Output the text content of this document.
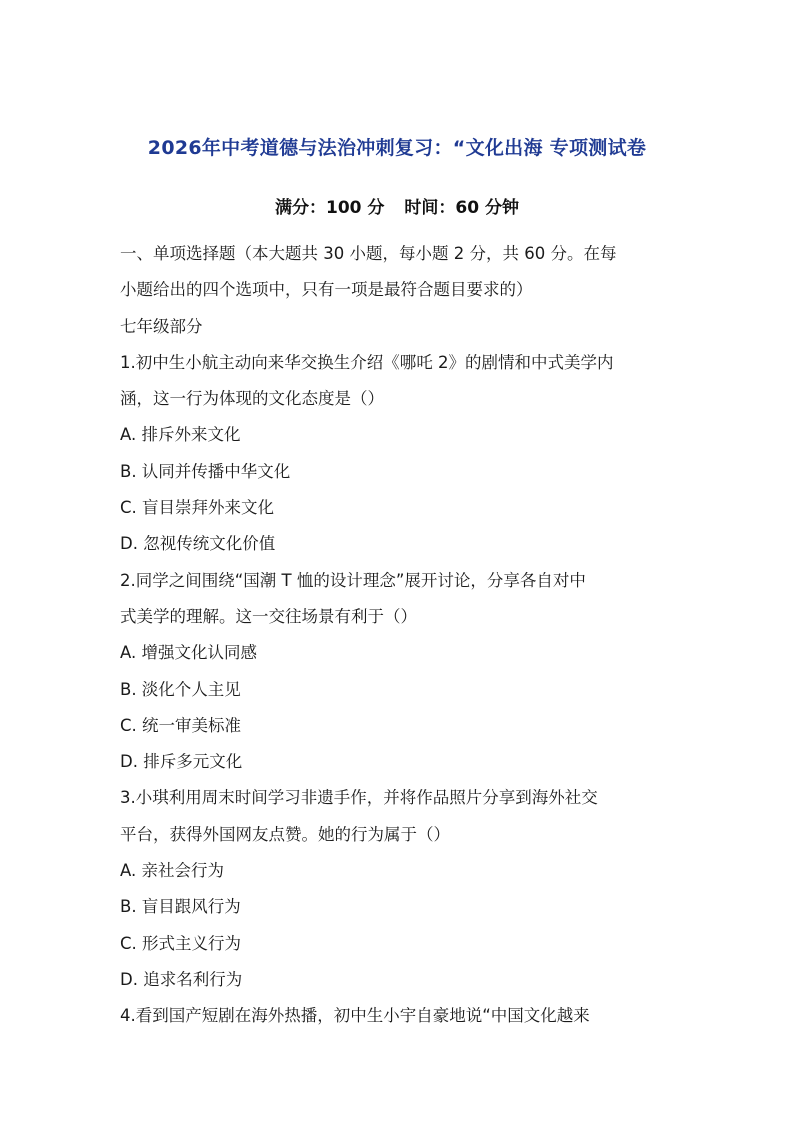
2026年中考道德与法治冲刺复习：“文化出海 专项测试卷
满分：100 分 时间：60 分钟
一、单项选择题（本大题共 30 小题，每小题 2 分，共 60 分。在每
小题给出的四个选项中，只有一项是最符合题目要求的）
七年级部分
1.初中生小航主动向来华交换生介绍《哪吒 2》的剧情和中式美学内
涵，这一行为体现的文化态度是（）
A. 排斥外来文化
B. 认同并传播中华文化
C. 盲目崇拜外来文化
D. 忽视传统文化价值
2.同学之间围绕“国潮 T 恤的设计理念”展开讨论，分享各自对中
式美学的理解。这一交往场景有利于（）
A. 增强文化认同感
B. 淡化个人主见
C. 统一审美标准
D. 排斥多元文化
3.小琪利用周末时间学习非遗手作，并将作品照片分享到海外社交
平台，获得外国网友点赞。她的行为属于（）
A. 亲社会行为
B. 盲目跟风行为
C. 形式主义行为
D. 追求名利行为
4.看到国产短剧在海外热播，初中生小宇自豪地说“中国文化越来
